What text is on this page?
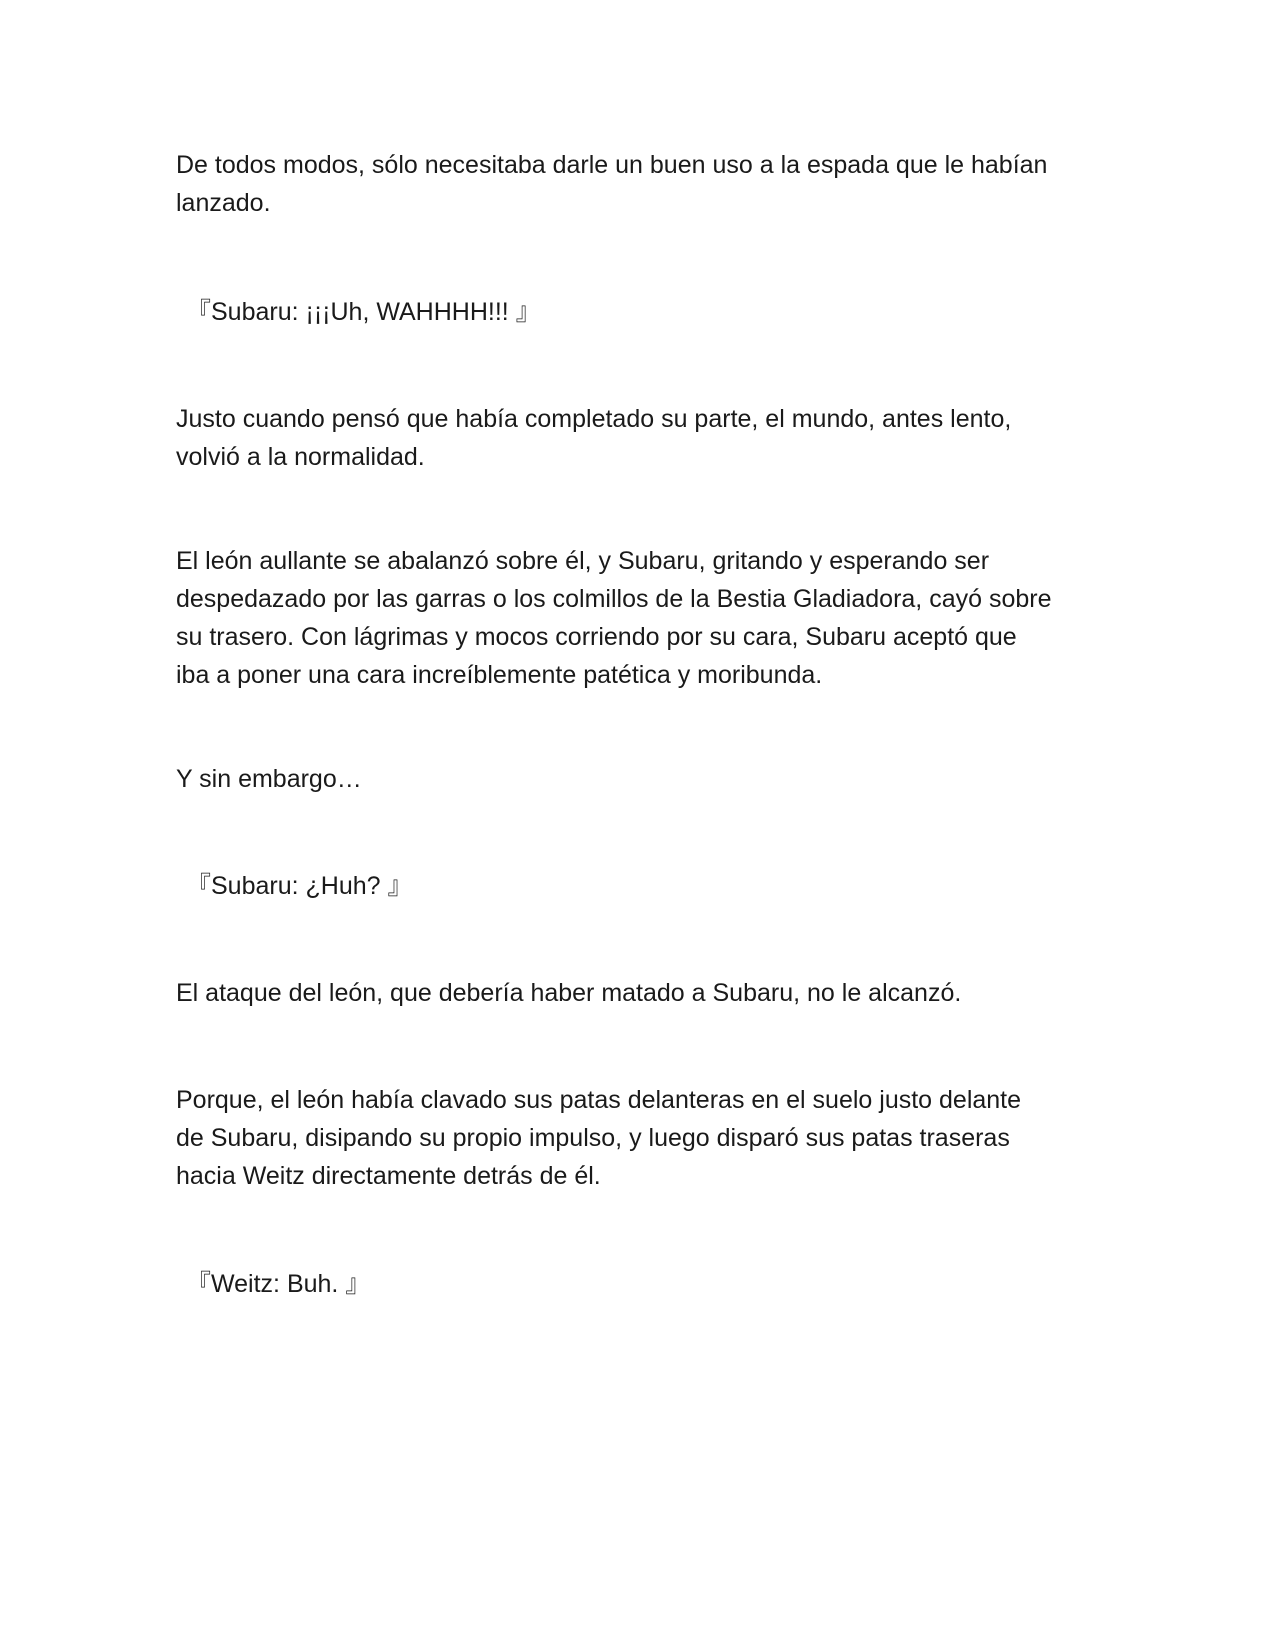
De todos modos, sólo necesitaba darle un buen uso a la espada que le habían
lanzado.

『Subaru: ¡¡¡Uh, WAHHHH!!! 』

Justo cuando pensó que había completado su parte, el mundo, antes lento,
volvió a la normalidad.

El león aullante se abalanzó sobre él, y Subaru, gritando y esperando ser
despedazado por las garras o los colmillos de la Bestia Gladiadora, cayó sobre
su trasero. Con lágrimas y mocos corriendo por su cara, Subaru aceptó que
iba a poner una cara increíblemente patética y moribunda.

Y sin embargo…

『Subaru: ¿Huh? 』

El ataque del león, que debería haber matado a Subaru, no le alcanzó.

Porque, el león había clavado sus patas delanteras en el suelo justo delante
de Subaru, disipando su propio impulso, y luego disparó sus patas traseras
hacia Weitz directamente detrás de él.

『Weitz: Buh. 』
